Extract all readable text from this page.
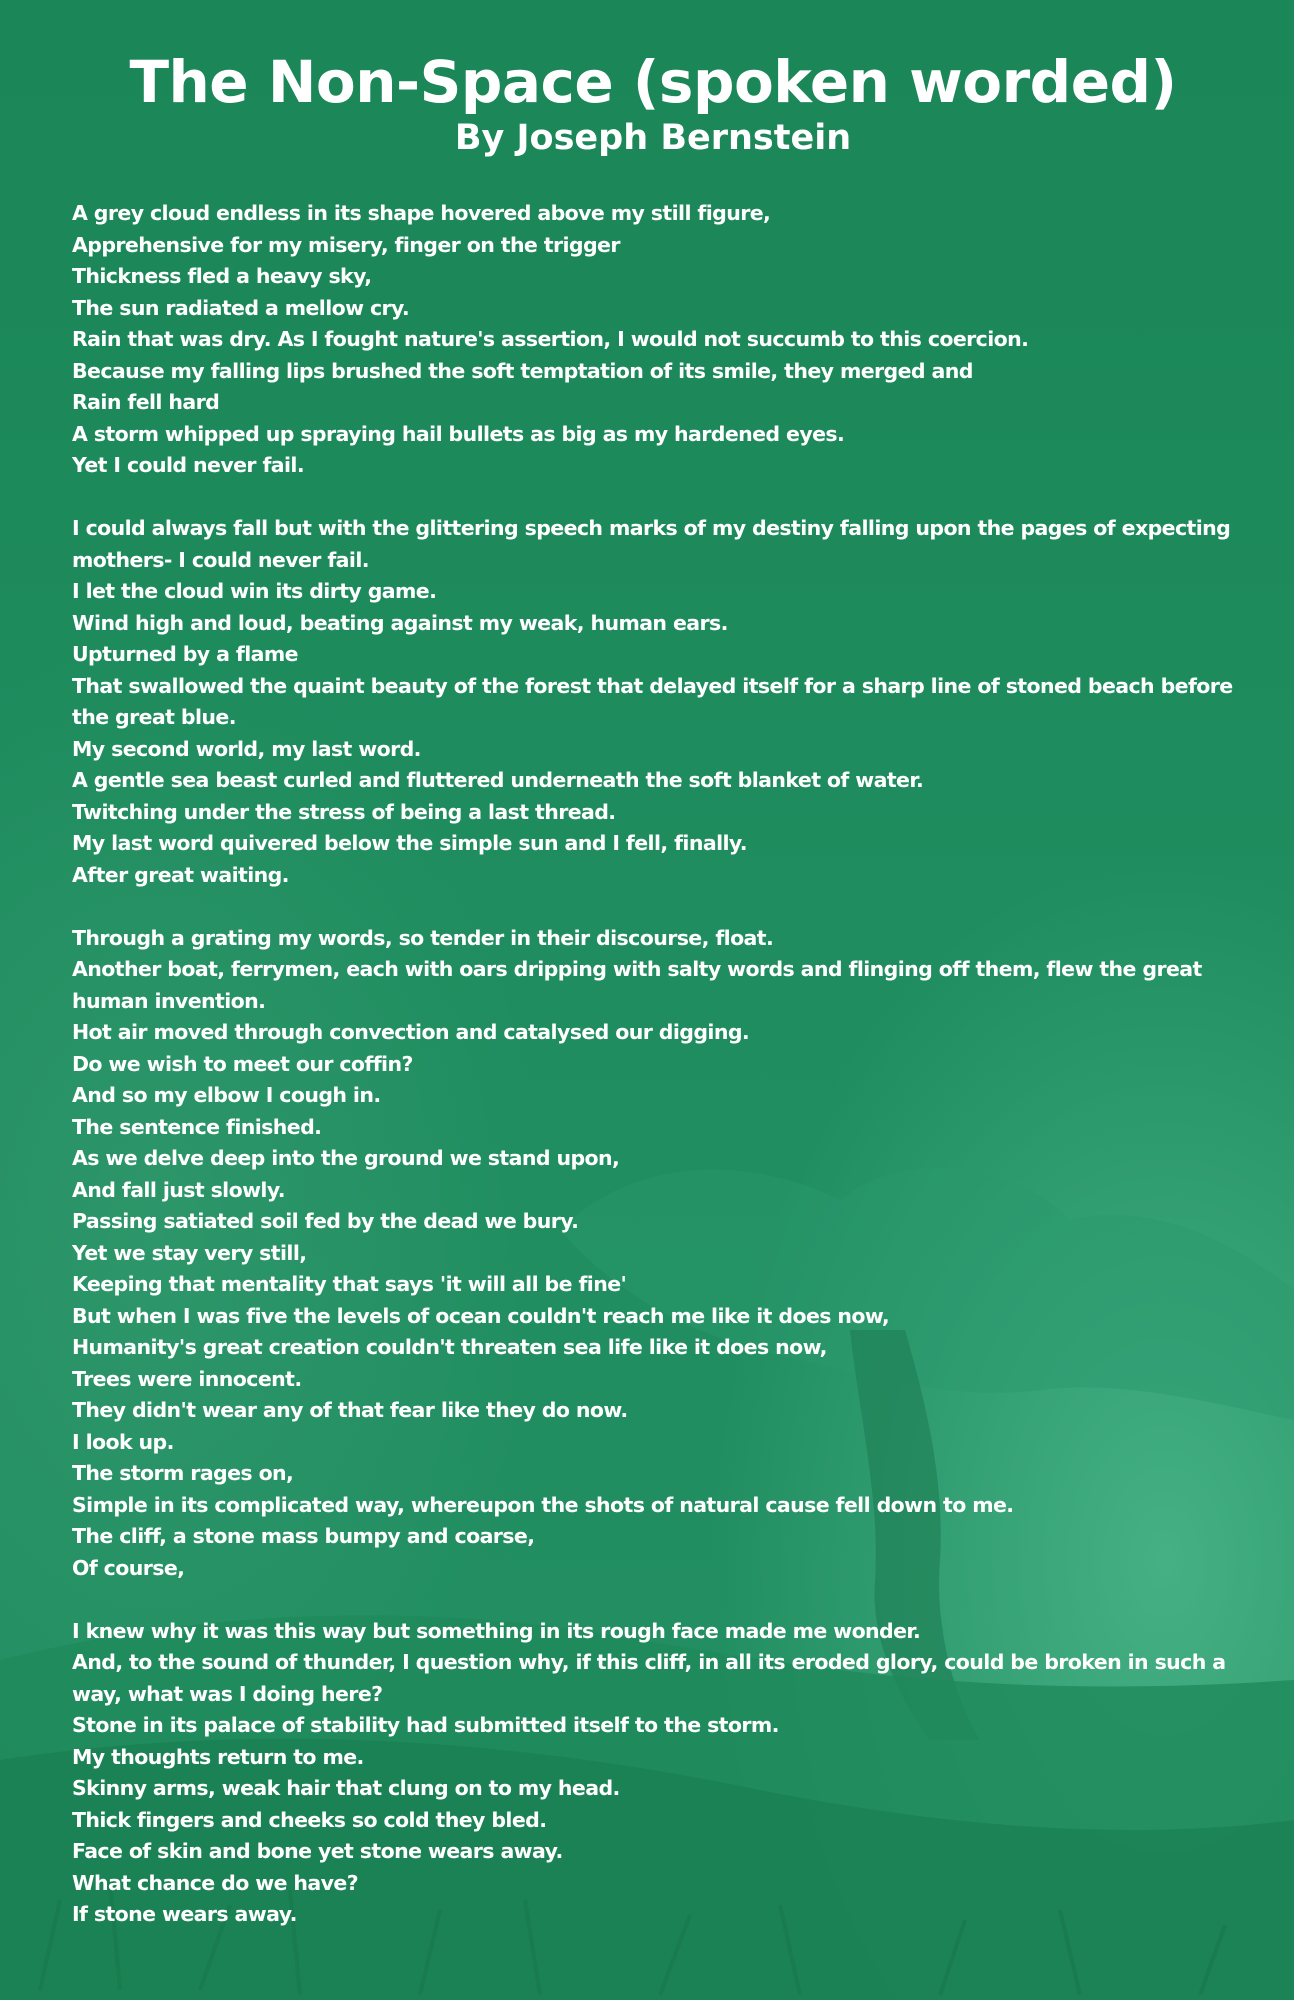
The Non-Space (spoken worded)
By Joseph Bernstein
A grey cloud endless in its shape hovered above my still figure,
Apprehensive for my misery, finger on the trigger
Thickness fled a heavy sky,
The sun radiated a mellow cry.
Rain that was dry. As I fought nature's assertion, I would not succumb to this coercion.
Because my falling lips brushed the soft temptation of its smile, they merged and
Rain fell hard
A storm whipped up spraying hail bullets as big as my hardened eyes.
Yet I could never fail.
I could always fall but with the glittering speech marks of my destiny falling upon the pages of expecting mothers- I could never fail.
I let the cloud win its dirty game.
Wind high and loud, beating against my weak, human ears.
Upturned by a flame
That swallowed the quaint beauty of the forest that delayed itself for a sharp line of stoned beach before the great blue.
My second world, my last word.
A gentle sea beast curled and fluttered underneath the soft blanket of water.
Twitching under the stress of being a last thread.
My last word quivered below the simple sun and I fell, finally.
After great waiting.
Through a grating my words, so tender in their discourse, float.
Another boat, ferrymen, each with oars dripping with salty words and flinging off them, flew the great human invention.
Hot air moved through convection and catalysed our digging.
Do we wish to meet our coffin?
And so my elbow I cough in.
The sentence finished.
As we delve deep into the ground we stand upon,
And fall just slowly.
Passing satiated soil fed by the dead we bury.
Yet we stay very still,
Keeping that mentality that says 'it will all be fine'
But when I was five the levels of ocean couldn't reach me like it does now,
Humanity's great creation couldn't threaten sea life like it does now,
Trees were innocent.
They didn't wear any of that fear like they do now.
I look up.
The storm rages on,
Simple in its complicated way, whereupon the shots of natural cause fell down to me.
The cliff, a stone mass bumpy and coarse,
Of course,
I knew why it was this way but something in its rough face made me wonder.
And, to the sound of thunder, I question why, if this cliff, in all its eroded glory, could be broken in such a way, what was I doing here?
Stone in its palace of stability had submitted itself to the storm.
My thoughts return to me.
Skinny arms, weak hair that clung on to my head.
Thick fingers and cheeks so cold they bled.
Face of skin and bone yet stone wears away.
What chance do we have?
If stone wears away.
